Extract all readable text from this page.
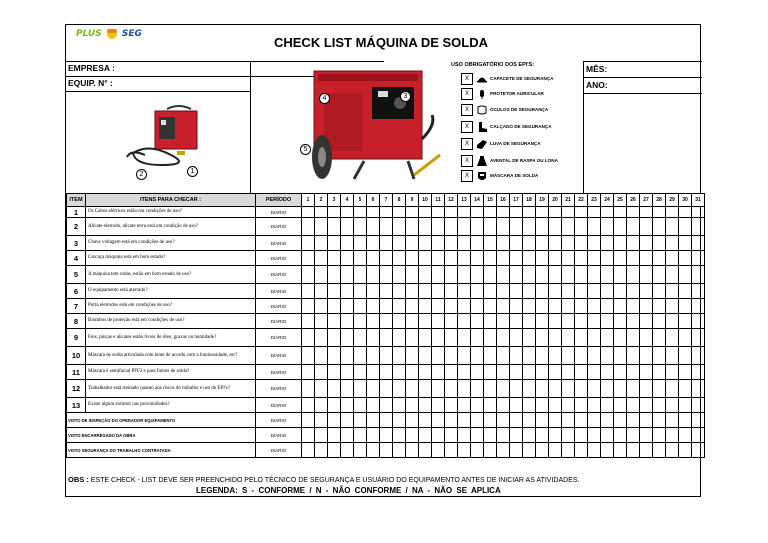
PLUS SEG
CHECK LIST MÁQUINA DE SOLDA
EMPRESA :
EQUIP. N° :
MÊS:
ANO:
USO OBRIGATÓRIO DOS EPI'S:
X	CAPACETE DE SEGURANÇA
X	PROTETOR AURICULAR
X	ÓCULOS DE SEGURANÇA
X	CALÇADO DE SEGURANÇA
X	LUVA DE SEGURANÇA
X	AVENTAL DE RASPA OU LONA
X	MÁSCARA DE SOLDA
1
2
3
4
5
ITEM	ITENS PARA CHECAR :	PERÍODO	1	2	3	4	5	6	7	8	9	10	11	12	13	14	15	16	17	18	19	20	21	22	23	24	25	26	27	28	29	30	31
1	Os Cabos elétricos estão em condições de uso?	DIÁRIO																															
2	Alicate eletrodo, alicate terra está em condição de uso?	DIÁRIO																															
3	Chave voltagem está em condições de uso?	DIÁRIO																															
4	Carcaça máquina está em bom estado?	DIÁRIO																															
5	A máquina tem rodas, estão em bom estado de uso?	DIÁRIO																															
6	O equipamento está aterrado?	DIÁRIO																															
7	Porta eletrodos está em condições de uso?	DIÁRIO																															
8	Biombos de proteção está em condições de uso?	DIÁRIO																															
9	Fios, pinças e alicates estão livres de óleo, graxas ou humidade?	DIÁRIO																															
10	Máscara de solda articulada com lente de acordo com a luminosidade, etc?	DIÁRIO																															
11	Máscara é semifacial PFF2 e para fumos de solda?	DIÁRIO																															
12	Trabalhador está treinado quanto aos riscos do trabalho e uso de EPI's?	DIÁRIO																															
13	Existe algum extintor nas proximidades?	DIÁRIO																															
VISTO DE INSPEÇÃO DO OPERADOR EQUIPAMENTO		DIÁRIO																															
VISTO ENCARREGADO DA OBRA		DIÁRIO																															
VISTO SEGURANÇA DO TRABALHO CONTRATADA		DIÁRIO																															
OBS : ESTE CHECK - LIST DEVE SER PREENCHIDO PELO TÉCNICO DE SEGURANÇA E USUÁRIO DO EQUIPAMENTO ANTES DE INICIAR AS ATIVIDADES.
LEGENDA: S - CONFORME / N - NÃO CONFORME / NA - NÃO SE APLICA
